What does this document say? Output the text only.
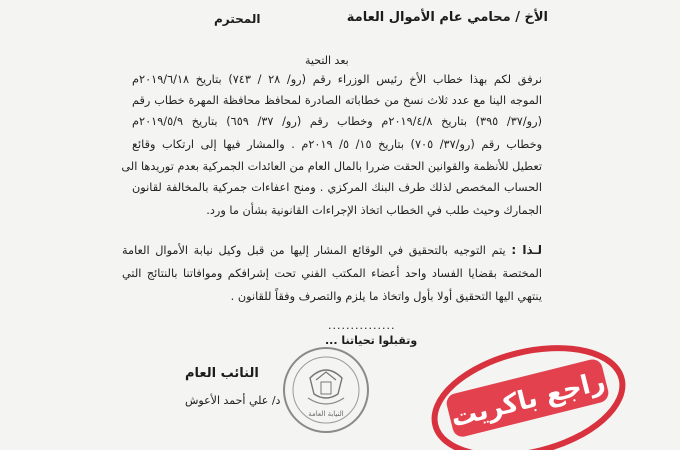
الأخ / محامي عام الأموال العامة
المحترم
بعد التحية
نرفق لكم بهذا خطاب الأخ رئيس الوزراء رقم (رو/ ٢٨ / ٧٤٣) بتاريخ ٢٠١٩/٦/١٨م
الموجه الينا مع عدد ثلاث نسخ من خطاباته الصادرة لمحافظ محافظة المهرة خطاب رقم
(رو/٣٧/ ٣٩٥) بتاريخ ٢٠١٩/٤/٨م وخطاب رقم (رو/ ٣٧/ ٦٥٩) بتاريخ ٢٠١٩/٥/٩م
وخطاب رقم (رو/٣٧/ ٧٠٥) بتاريخ ١٥/ ٥/ ٢٠١٩م . والمشار فيها إلى ارتكاب وقائع
تعطيل للأنظمة والقوانين الحقت ضررا بالمال العام من العائدات الجمركية بعدم توريدها الى
الحساب المخصص لذلك طرف البنك المركزي . ومنح اعفاءات جمركية بالمخالفة لقانون
الجمارك وحيث طلب في الخطاب اتخاذ الإجراءات القانونية بشأن ما ورد.
لـذا : يتم التوجيه بالتحقيق في الوقائع المشار إليها من قبل وكيل نيابة الأموال العامة
المختصة بقضايا الفساد واحد أعضاء المكتب الفني تحت إشرافكم وموافاتنا بالنتائج التي
ينتهي اليها التحقيق أولا بأول واتخاذ ما يلزم والتصرف وفقاً للقانون .
...............
وتقبلوا تحياتنا ...
النائب العام
د/ علي أحمد الأعوش
النيابة العامة	راجع باكريت
